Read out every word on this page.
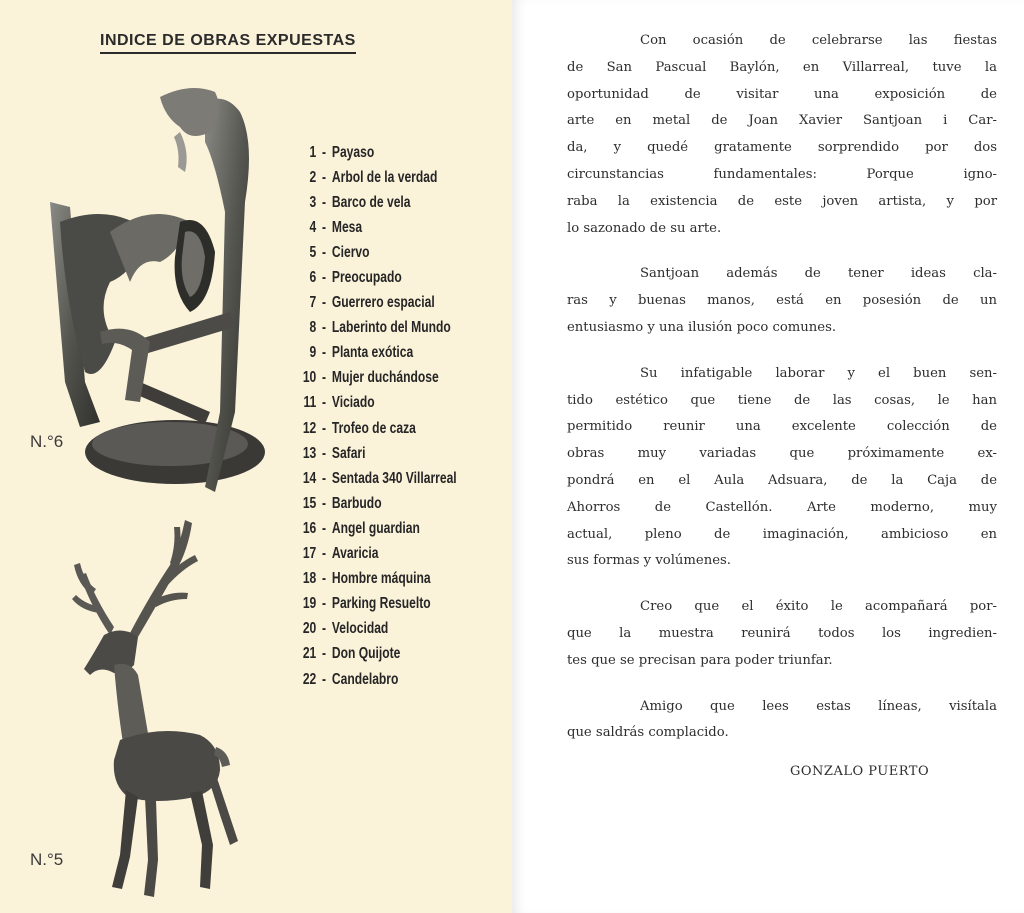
INDICE DE OBRAS EXPUESTAS
N.°6
N.°5
1 - Payaso
2 - Arbol de la verdad
3 - Barco de vela
4 - Mesa
5 - Ciervo
6 - Preocupado
7 - Guerrero espacial
8 - Laberinto del Mundo
9 - Planta exótica
10 - Mujer duchándose
11 - Viciado
12 - Trofeo de caza
13 - Safari
14 - Sentada 340 Villarreal
15 - Barbudo
16 - Angel guardian
17 - Avaricia
18 - Hombre máquina
19 - Parking Resuelto
20 - Velocidad
21 - Don Quijote
22 - Candelabro
Con ocasión de celebrarse las fiestas
de San Pascual Baylón, en Villarreal, tuve la
oportunidad de visitar una exposición de
arte en metal de Joan Xavier Santjoan i Car-
da, y quedé gratamente sorprendido por dos
circunstancias fundamentales: Porque igno-
raba la existencia de este joven artista, y por
lo sazonado de su arte.
Santjoan además de tener ideas cla-
ras y buenas manos, está en posesión de un
entusiasmo y una ilusión poco comunes.
Su infatigable laborar y el buen sen-
tido estético que tiene de las cosas, le han
permitido reunir una excelente colección de
obras muy variadas que próximamente ex-
pondrá en el Aula Adsuara, de la Caja de
Ahorros de Castellón. Arte moderno, muy
actual, pleno de imaginación, ambicioso en
sus formas y volúmenes.
Creo que el éxito le acompañará por-
que la muestra reunirá todos los ingredien-
tes que se precisan para poder triunfar.
Amigo que lees estas líneas, visítala
que saldrás complacido.
GONZALO PUERTO
